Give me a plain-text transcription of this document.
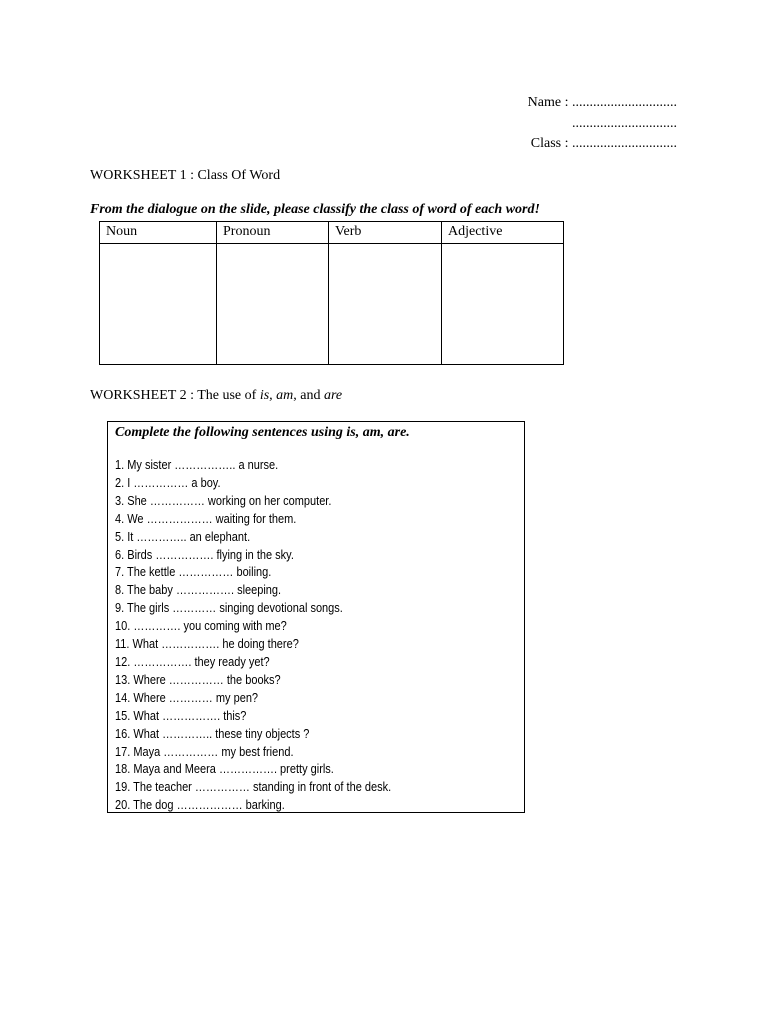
Name : ..............................
..............................
Class : ..............................
WORKSHEET 1 : Class Of Word
From the dialogue on the slide, please classify the class of word of each word!
Noun	Pronoun	Verb	Adjective

WORKSHEET 2 : The use of is, am, and are
Complete the following sentences using is, am, are.
1. My sister …………….. a nurse.
2. I …………… a boy.
3. She …………… working on her computer.
4. We ……………… waiting for them.
5. It ………….. an elephant.
6. Birds ……………. flying in the sky.
7. The kettle …………… boiling.
8. The baby ……………. sleeping.
9. The girls ………… singing devotional songs.
10. …………. you coming with me?
11. What ……………. he doing there?
12. ……………. they ready yet?
13. Where …………… the books?
14. Where ………… my pen?
15. What ……………. this?
16. What ………….. these tiny objects ?
17. Maya …………… my best friend.
18. Maya and Meera ……………. pretty girls.
19. The teacher …………… standing in front of the desk.
20. The dog ……………… barking.
